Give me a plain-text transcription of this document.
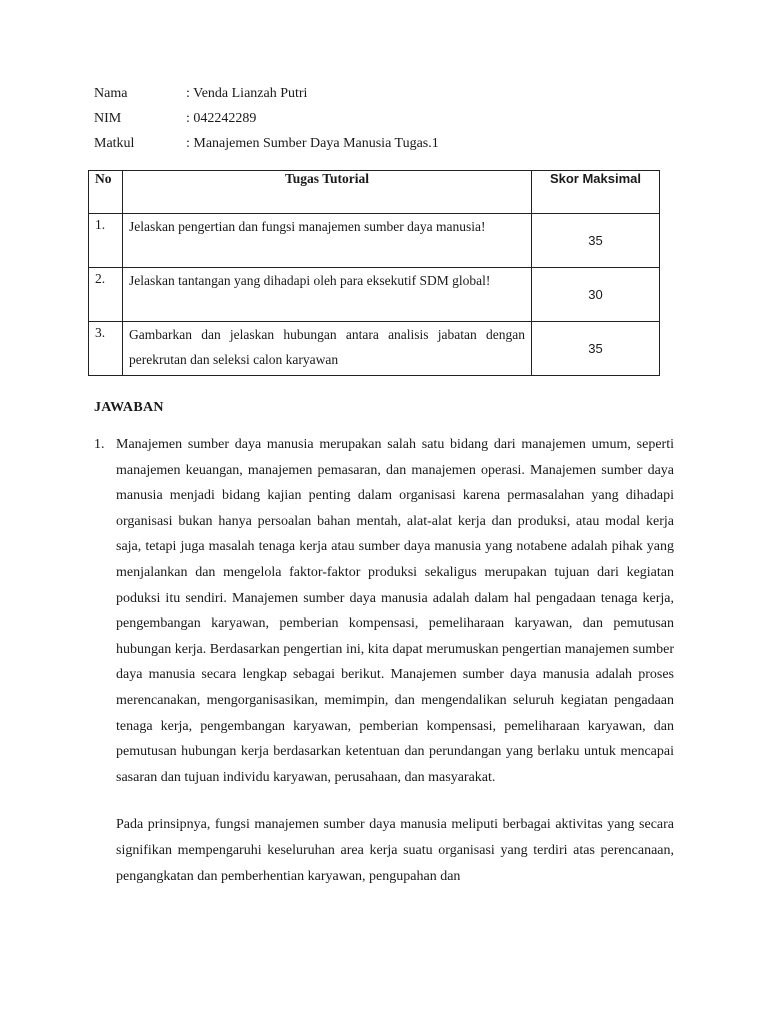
Nama	: Venda Lianzah Putri
NIM	: 042242289
Matkul	: Manajemen Sumber Daya Manusia Tugas.1
No	Tugas Tutorial	Skor Maksimal
1.	Jelaskan pengertian dan fungsi manajemen sumber daya manusia!	35
2.	Jelaskan tantangan yang dihadapi oleh para eksekutif SDM global!	30
3.	Gambarkan dan jelaskan hubungan antara analisis jabatan dengan perekrutan dan seleksi calon karyawan	35
JAWABAN
1. Manajemen sumber daya manusia merupakan salah satu bidang dari manajemen umum, seperti manajemen keuangan, manajemen pemasaran, dan manajemen operasi. Manajemen sumber daya manusia menjadi bidang kajian penting dalam organisasi karena permasalahan yang dihadapi organisasi bukan hanya persoalan bahan mentah, alat-alat kerja dan produksi, atau modal kerja saja, tetapi juga masalah tenaga kerja atau sumber daya manusia yang notabene adalah pihak yang menjalankan dan mengelola faktor-faktor produksi sekaligus merupakan tujuan dari kegiatan poduksi itu sendiri. Manajemen sumber daya manusia adalah dalam hal pengadaan tenaga kerja, pengembangan karyawan, pemberian kompensasi, pemeliharaan karyawan, dan pemutusan hubungan kerja. Berdasarkan pengertian ini, kita dapat merumuskan pengertian manajemen sumber daya manusia secara lengkap sebagai berikut. Manajemen sumber daya manusia adalah proses merencanakan, mengorganisasikan, memimpin, dan mengendalikan seluruh kegiatan pengadaan tenaga kerja, pengembangan karyawan, pemberian kompensasi, pemeliharaan karyawan, dan pemutusan hubungan kerja berdasarkan ketentuan dan perundangan yang berlaku untuk mencapai sasaran dan tujuan individu karyawan, perusahaan, dan masyarakat.
Pada prinsipnya, fungsi manajemen sumber daya manusia meliputi berbagai aktivitas yang secara signifikan mempengaruhi keseluruhan area kerja suatu organisasi yang terdiri atas perencanaan, pengangkatan dan pemberhentian karyawan, pengupahan dan
